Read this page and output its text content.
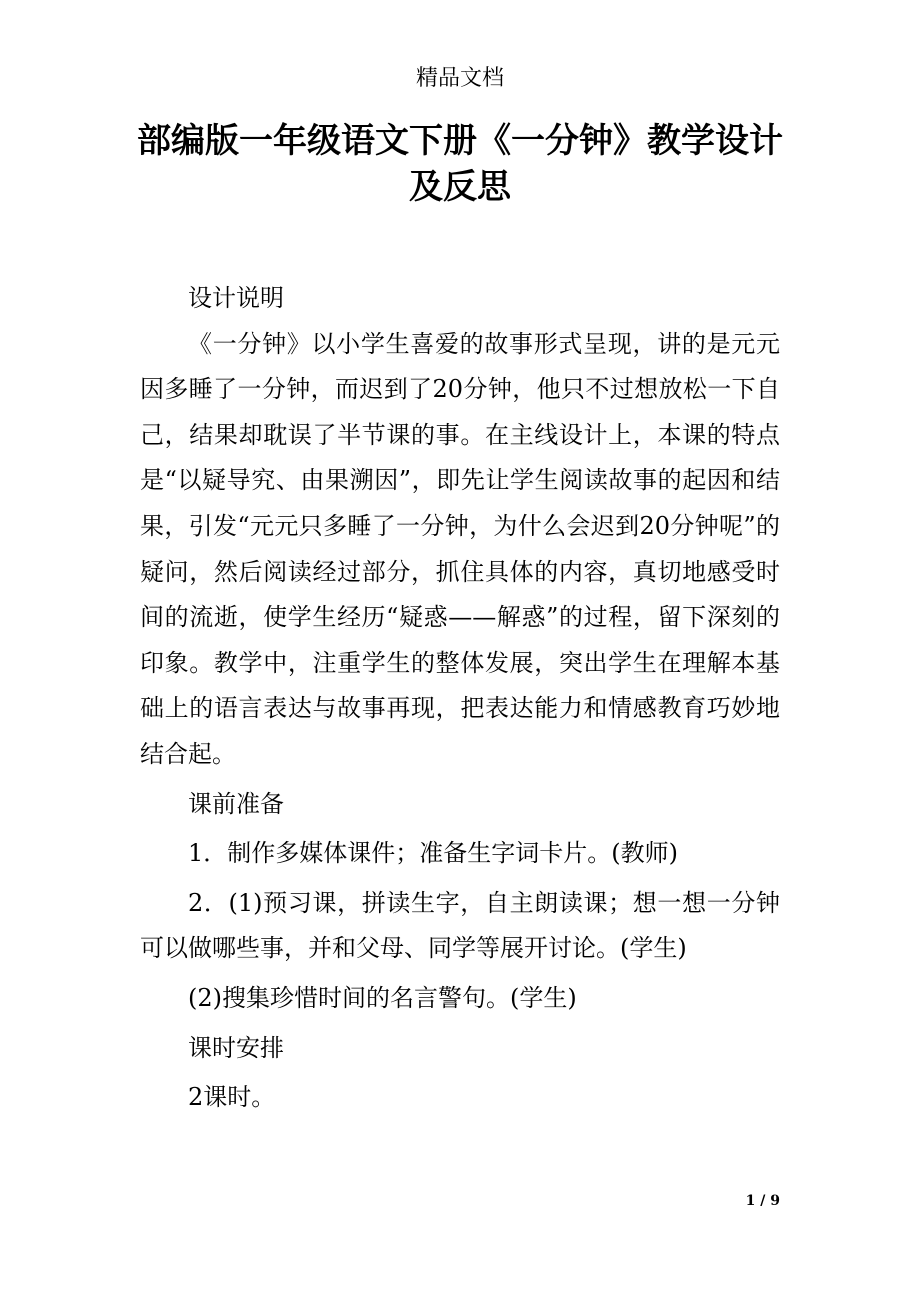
精品文档
部编版一年级语文下册《一分钟》教学设计及反思

设计说明

《一分钟》以小学生喜爱的故事形式呈现，讲的是元元因多睡了一分钟，而迟到了20分钟，他只不过想放松一下自己，结果却耽误了半节课的事。在主线设计上，本课的特点是“以疑导究、由果溯因”，即先让学生阅读故事的起因和结果，引发“元元只多睡了一分钟，为什么会迟到20分钟呢”的疑问，然后阅读经过部分，抓住具体的内容，真切地感受时间的流逝，使学生经历“疑惑——解惑”的过程，留下深刻的印象。教学中，注重学生的整体发展，突出学生在理解本基础上的语言表达与故事再现，把表达能力和情感教育巧妙地结合起。

课前准备

1．制作多媒体课件；准备生字词卡片。(教师)

2．(1)预习课，拼读生字，自主朗读课；想一想一分钟可以做哪些事，并和父母、同学等展开讨论。(学生)

(2)搜集珍惜时间的名言警句。(学生)

课时安排

2课时。

1 / 9
